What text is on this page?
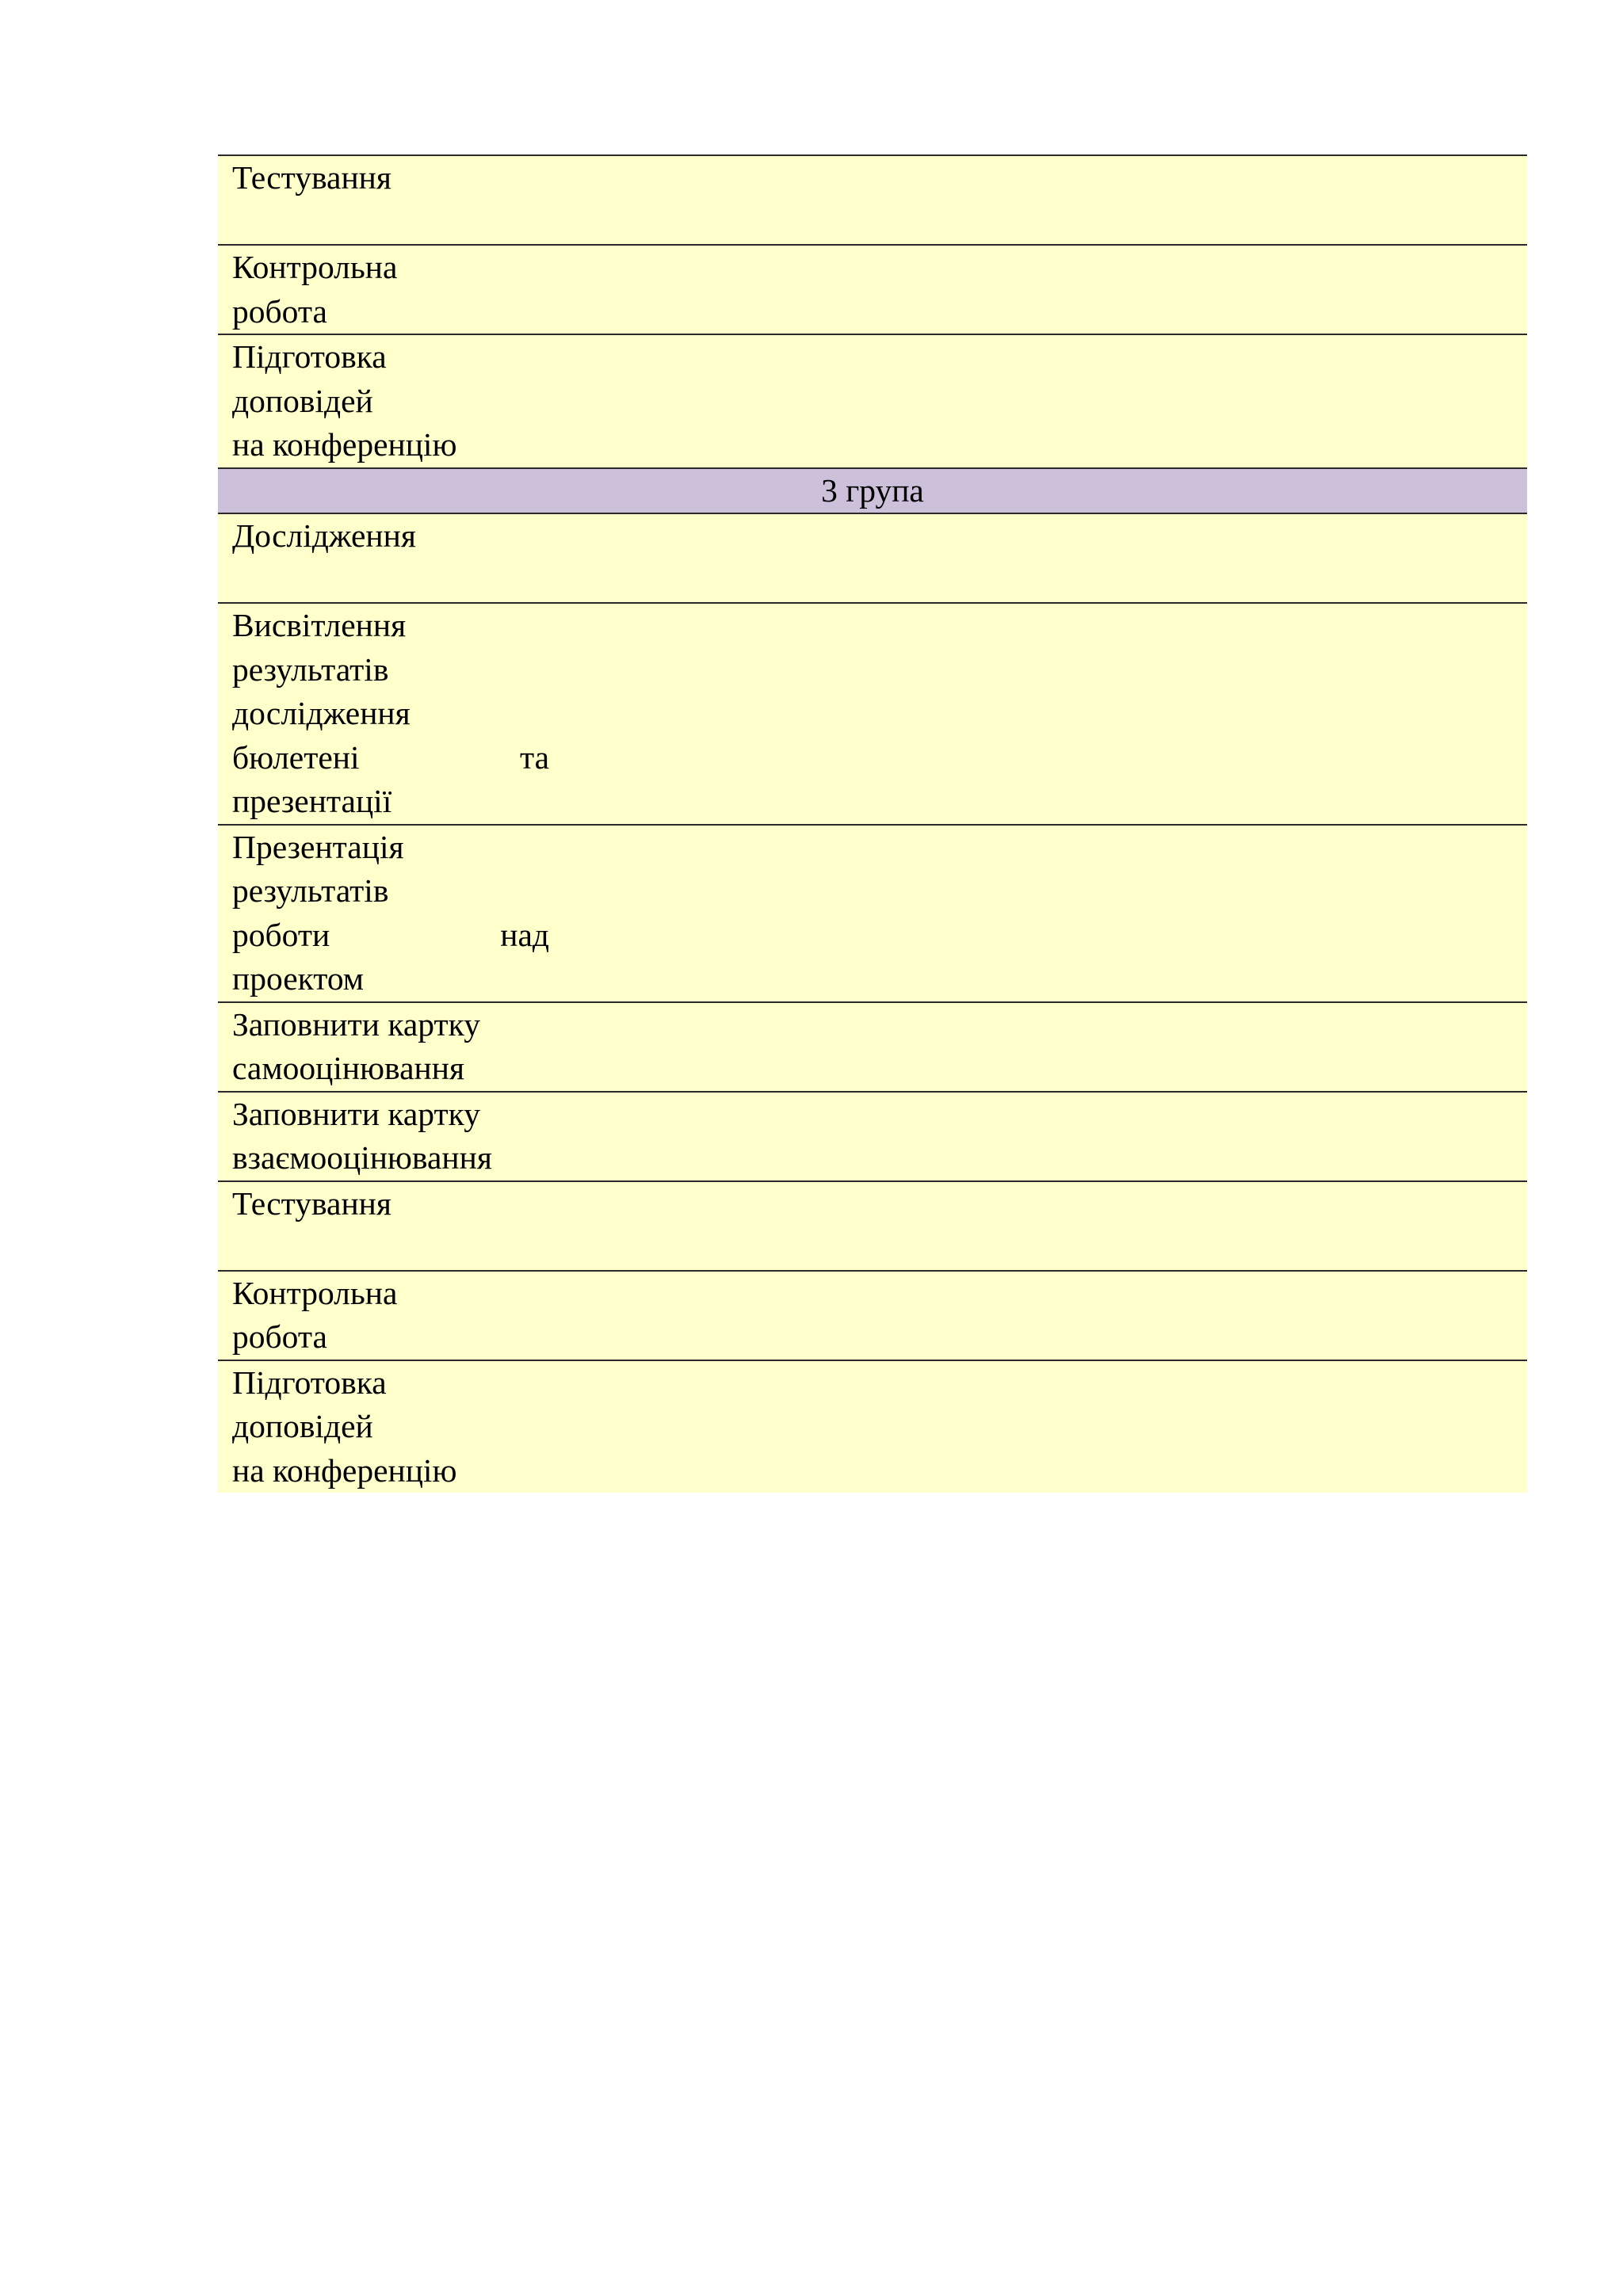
Тестування

Контрольна
робота

Підготовка
доповідей
на конференцію

3 група

Дослідження

Висвітлення
результатів
дослідження
бюлетені	та
презентації

Презентація
результатів
роботи	над
проектом

Заповнити картку
самооцінювання

Заповнити картку
взаємооцінювання

Тестування

Контрольна
робота

Підготовка
доповідей
на конференцію
